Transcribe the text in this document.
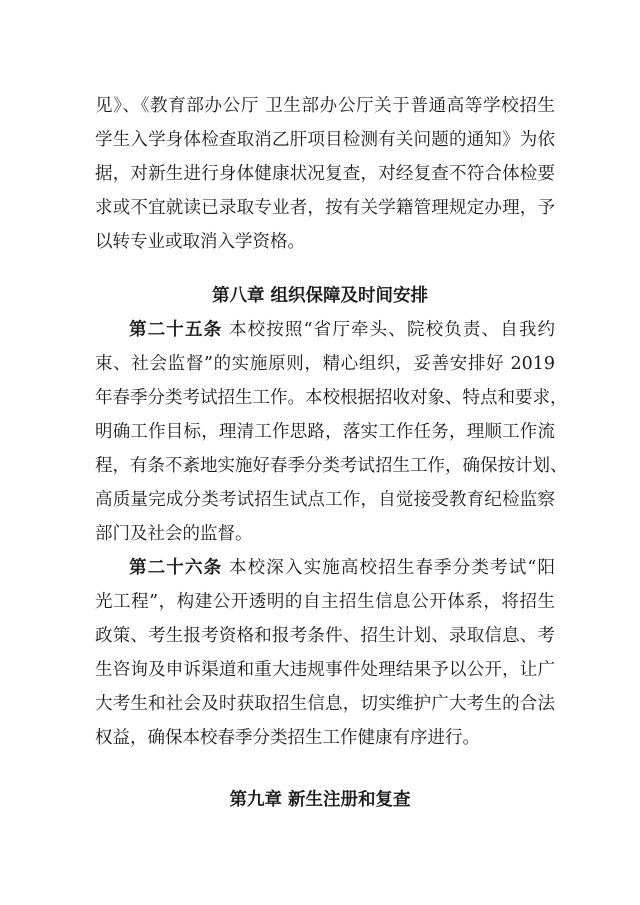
见》、《教育部办公厅 卫生部办公厅关于普通高等学校招生
学生入学身体检查取消乙肝项目检测有关问题的通知》为依
据，对新生进行身体健康状况复查，对经复查不符合体检要
求或不宜就读已录取专业者，按有关学籍管理规定办理，予
以转专业或取消入学资格。
第八章 组织保障及时间安排
第二十五条 本校按照“省厅牵头、院校负责、自我约
束、社会监督”的实施原则，精心组织，妥善安排好 2019
年春季分类考试招生工作。本校根据招收对象、特点和要求，
明确工作目标，理清工作思路，落实工作任务，理顺工作流
程，有条不紊地实施好春季分类考试招生工作，确保按计划、
高质量完成分类考试招生试点工作，自觉接受教育纪检监察
部门及社会的监督。
第二十六条 本校深入实施高校招生春季分类考试“阳
光工程”，构建公开透明的自主招生信息公开体系，将招生
政策、考生报考资格和报考条件、招生计划、录取信息、考
生咨询及申诉渠道和重大违规事件处理结果予以公开，让广
大考生和社会及时获取招生信息，切实维护广大考生的合法
权益，确保本校春季分类招生工作健康有序进行。
第九章 新生注册和复查
